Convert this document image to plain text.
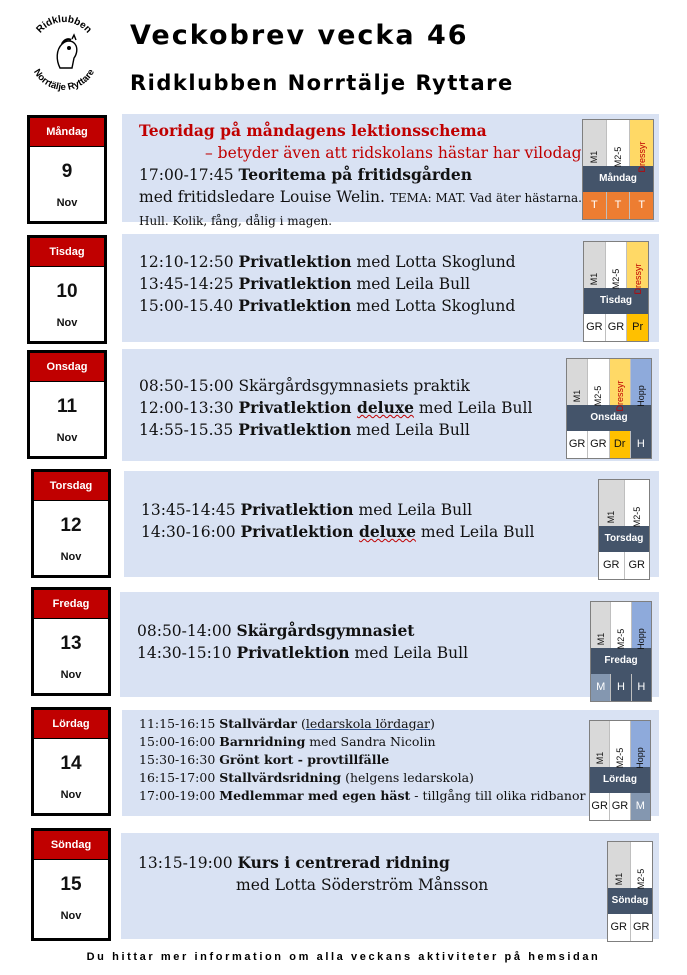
Ridklubben
Norrtälje Ryttare
Veckobrev vecka 46
Ridklubben Norrtälje Ryttare
Måndag
9
Nov
Teoridag på måndagens lektionsschema
– betyder även att ridskolans hästar har vilodag
17:00-17:45 Teoritema på fritidsgården
med fritidsledare Louise Welin. TEMA: MAT. Vad äter hästarna.
Hull. Kolik, fång, dålig i magen.
M1 M2-5 Dressyr
Måndag
T	T	T
Tisdag
10
Nov
12:10-12:50 Privatlektion med Lotta Skoglund
13:45-14:25 Privatlektion med Leila Bull
15:00-15.40 Privatlektion med Lotta Skoglund
M1 M2-5 Dressyr
Tisdag
GR GR Pr
Onsdag
11
Nov
08:50-15:00 Skärgårdsgymnasiets praktik
12:00-13:30 Privatlektion deluxe med Leila Bull
14:55-15.35 Privatlektion med Leila Bull
M1 M2-5 Dressyr Hopp
Onsdag
GR GR Dr	H
Torsdag
12
Nov
13:45-14:45 Privatlektion med Leila Bull
14:30-16:00 Privatlektion deluxe med Leila Bull
M1 M2-5
Torsdag
GR GR
Fredag
13
Nov
08:50-14:00 Skärgårdsgymnasiet
14:30-15:10 Privatlektion med Leila Bull
M1 M2-5 Hopp
Fredag
M	H	H
Lördag
14
Nov
11:15-16:15 Stallvärdar (ledarskola lördagar)
15:00-16:00 Barnridning med Sandra Nicolin
15:30-16:30 Grönt kort - provtillfälle
16:15-17:00 Stallvärdsridning (helgens ledarskola)
17:00-19:00 Medlemmar med egen häst - tillgång till olika ridbanor
M1 M2-5 Hopp
Lördag
GR GR M
Söndag
15
Nov
13:15-19:00 Kurs i centrerad ridning
med Lotta Söderström Månsson	M1 M2-5
Söndag
GR GR
Du hittar mer information om alla veckans aktiviteter på hemsidan
